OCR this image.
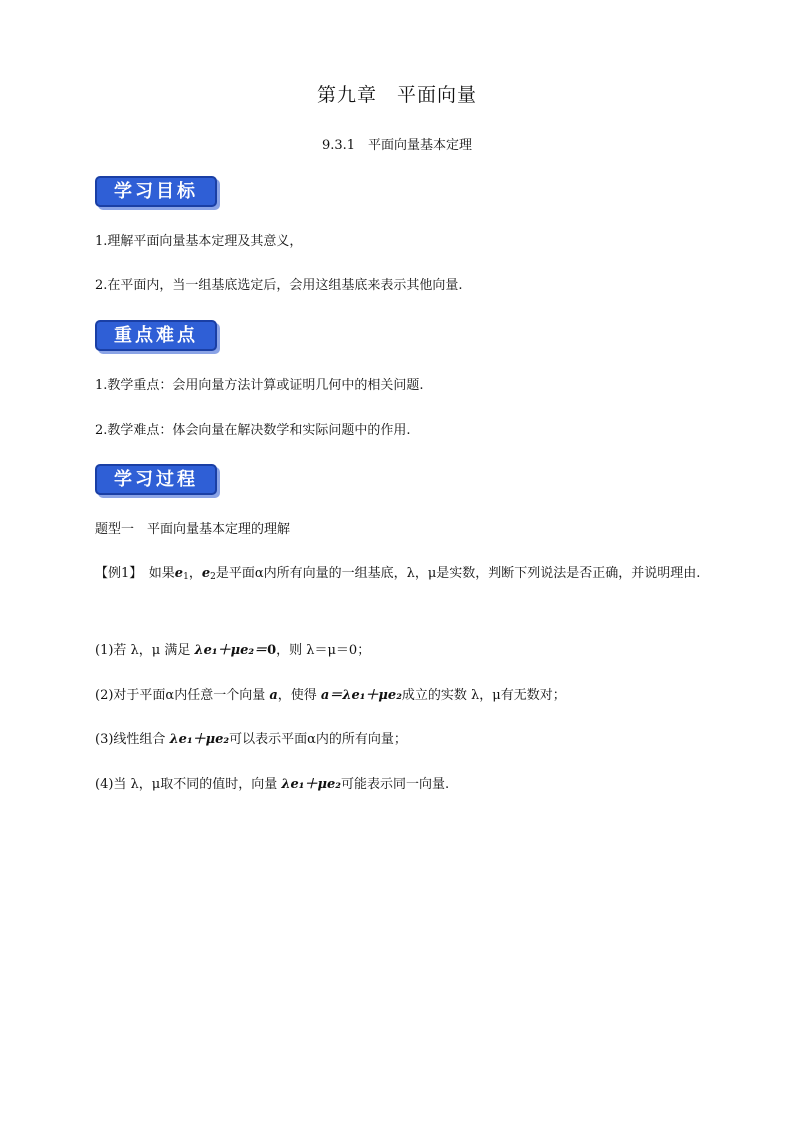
第九章　平面向量
9.3.1　平面向量基本定理
学习目标
1.理解平面向量基本定理及其意义，
2.在平面内，当一组基底选定后，会用这组基底来表示其他向量.
重点难点
1.教学重点：会用向量方法计算或证明几何中的相关问题.
2.教学难点：体会向量在解决数学和实际问题中的作用.
学习过程
题型一　平面向量基本定理的理解
【例1】　如果$e_1$，$e_2$是平面α内所有向量的一组基底，λ，μ是实数，判断下列说法是否正确，并说明理由.
(1)若 λ，μ 满足 λe₁＋μe₂＝0，则 λ＝μ＝0；
(2)对于平面α内任意一个向量 a，使得 a＝λe₁＋μe₂成立的实数 λ，μ有无数对；
(3)线性组合 λe₁＋μe₂可以表示平面α内的所有向量；
(4)当 λ，μ取不同的值时，向量 λe₁＋μe₂可能表示同一向量.
